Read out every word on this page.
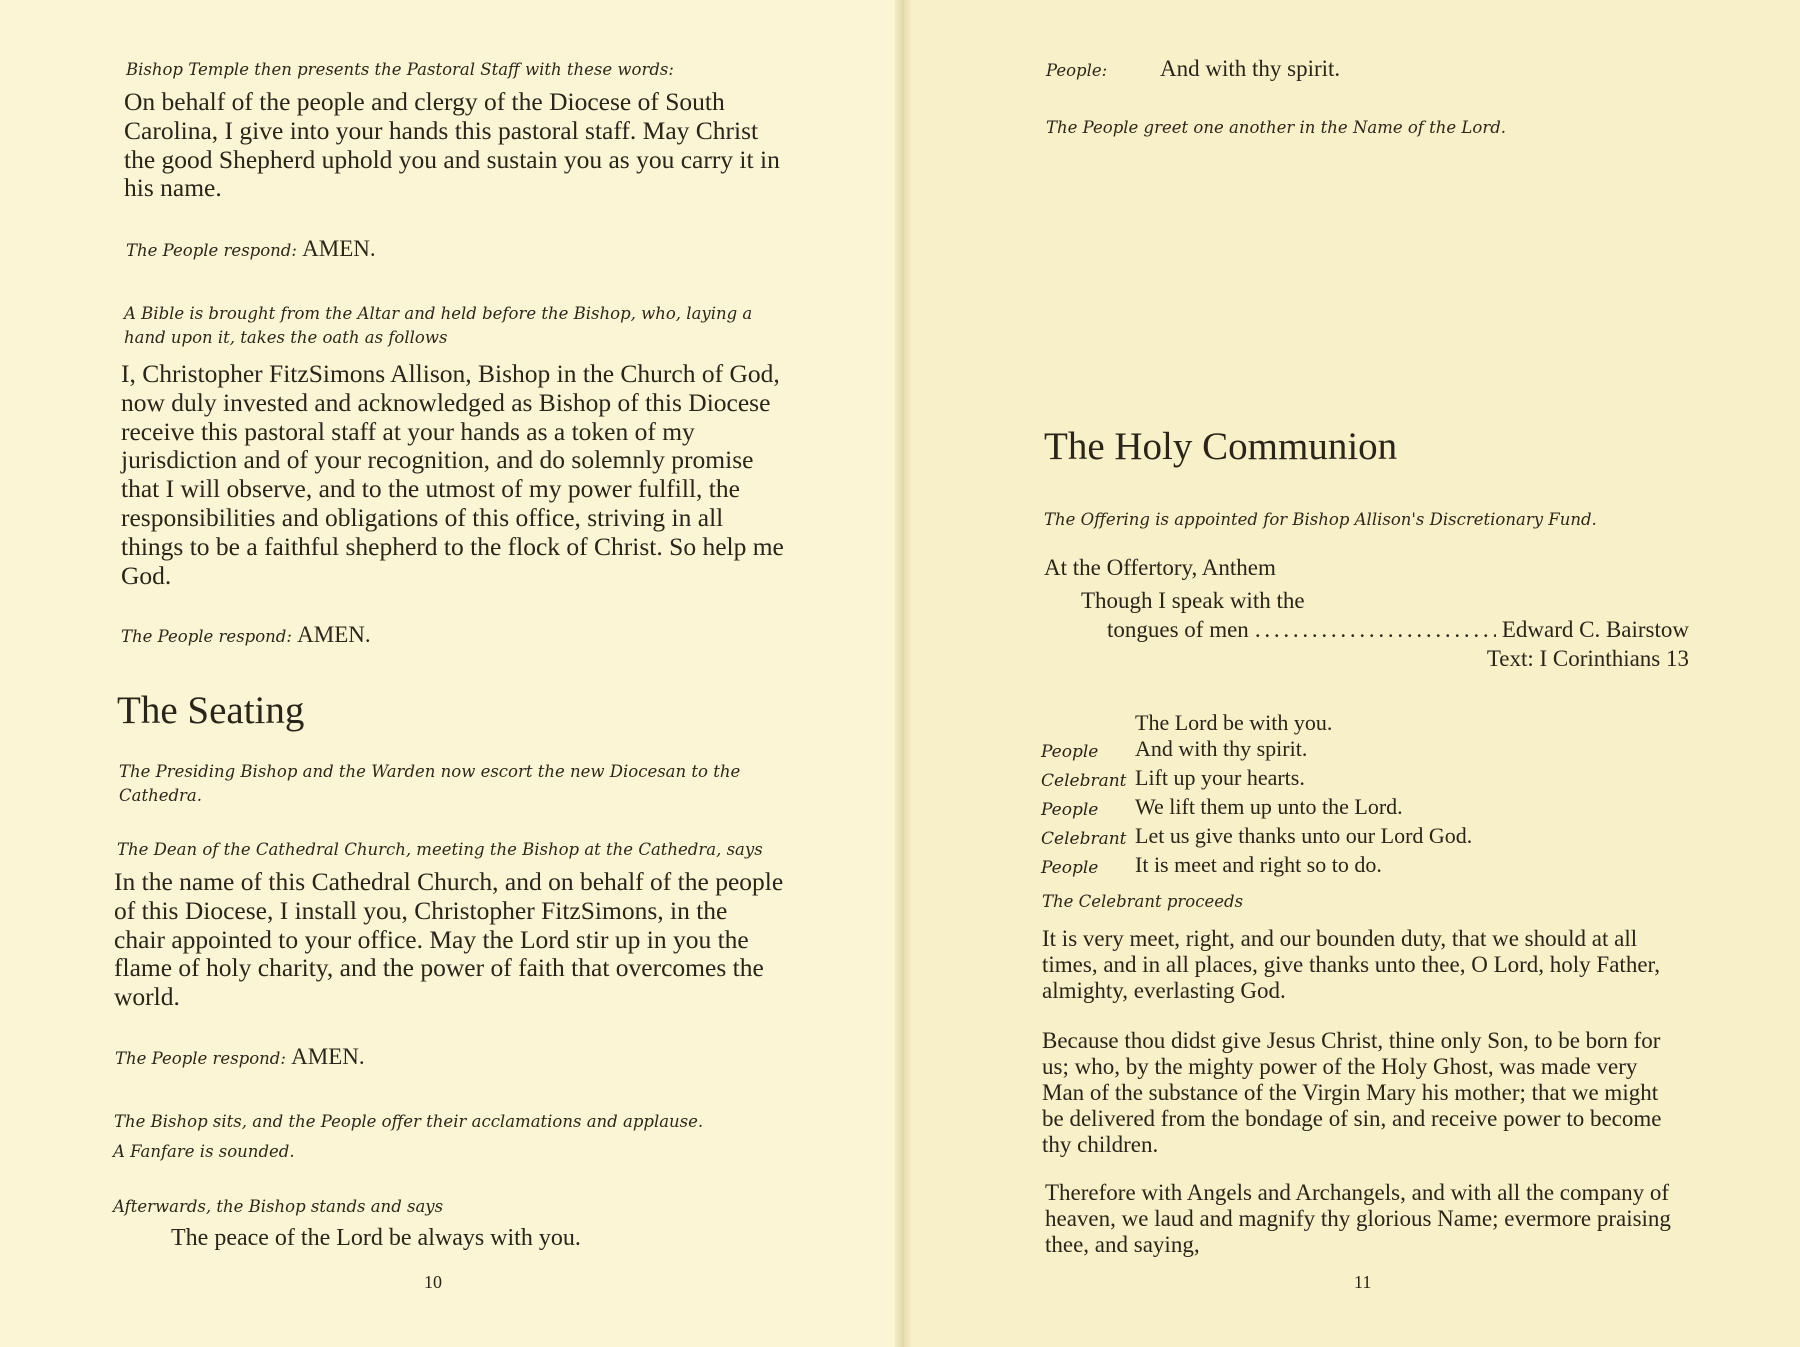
Bishop Temple then presents the Pastoral Staff with these words:

On behalf of the people and clergy of the Diocese of South Carolina, I give into your hands this pastoral staff. May Christ the good Shepherd uphold you and sustain you as you carry it in his name.

The People respond: AMEN.

A Bible is brought from the Altar and held before the Bishop, who, laying a hand upon it, takes the oath as follows

I, Christopher FitzSimons Allison, Bishop in the Church of God, now duly invested and acknowledged as Bishop of this Diocese receive this pastoral staff at your hands as a token of my jurisdiction and of your recognition, and do solemnly promise that I will observe, and to the utmost of my power fulfill, the responsibilities and obligations of this office, striving in all things to be a faithful shepherd to the flock of Christ. So help me God.

The People respond: AMEN.
The Seating

The Presiding Bishop and the Warden now escort the new Diocesan to the Cathedra.

The Dean of the Cathedral Church, meeting the Bishop at the Cathedra, says

In the name of this Cathedral Church, and on behalf of the people of this Diocese, I install you, Christopher FitzSimons, in the chair appointed to your office. May the Lord stir up in you the flame of holy charity, and the power of faith that overcomes the world.

The People respond: AMEN.

The Bishop sits, and the People offer their acclamations and applause.

A Fanfare is sounded.

Afterwards, the Bishop stands and says

The peace of the Lord be always with you.

10
People:	And with thy spirit.

The People greet one another in the Name of the Lord.

The Holy Communion

The Offering is appointed for Bishop Allison's Discretionary Fund.

At the Offertory, Anthem

Though I speak with the

tongues of men
. . .	Edward C. Bairstow

Text: I Corinthians 13

The Lord be with you.
People	And with thy spirit.
Celebrant Lift up your hearts.
People	We lift them up unto the Lord.
Celebrant Let us give thanks unto our Lord God.
People	It is meet and right so to do.

The Celebrant proceeds

It is very meet, right, and our bounden duty, that we should at all times, and in all places, give thanks unto thee, O Lord, holy Father, almighty, everlasting God.

Because thou didst give Jesus Christ, thine only Son, to be born for us; who, by the mighty power of the Holy Ghost, was made very Man of the substance of the Virgin Mary his mother; that we might be delivered from the bondage of sin, and receive power to become thy children.

Therefore with Angels and Archangels, and with all the company of heaven, we laud and magnify thy glorious Name; evermore praising thee, and saying,

11
